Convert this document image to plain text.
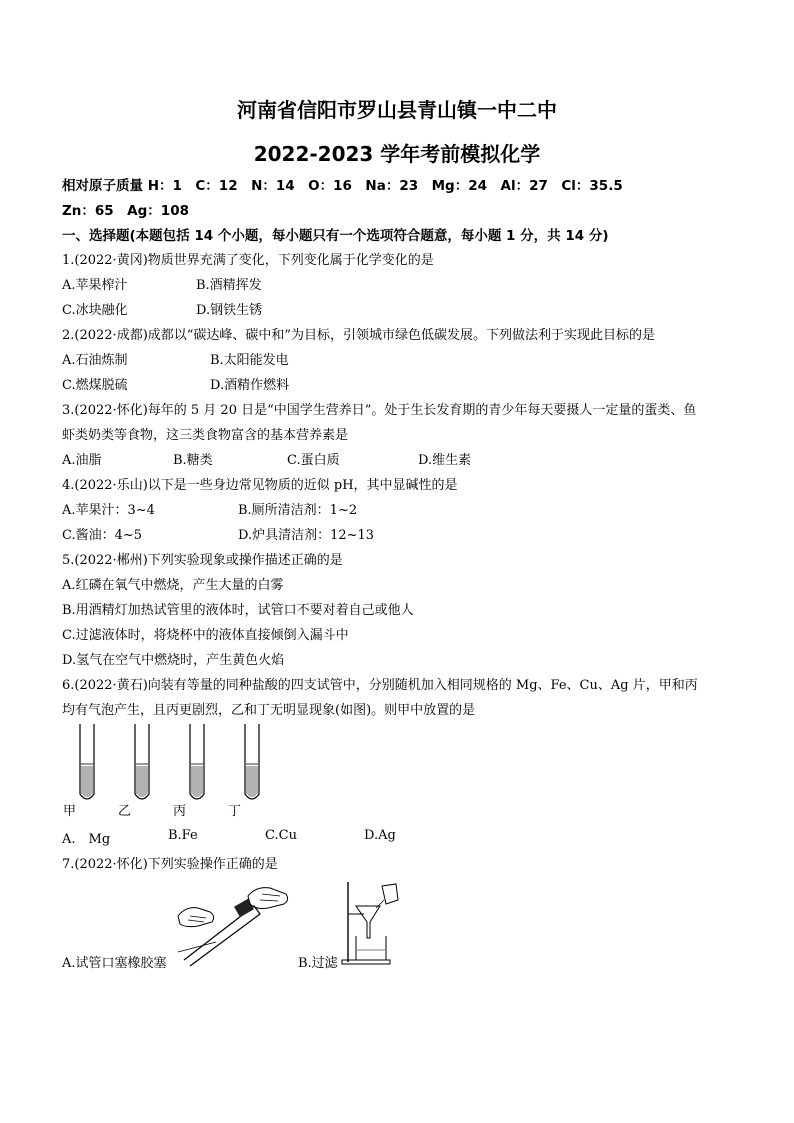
河南省信阳市罗山县青山镇一中二中
2022-2023 学年考前模拟化学
相对原子质量 H：1　C：12　N：14　O：16　Na：23　Mg：24　Al：27　Cl：35.5
Zn：65　Ag：108
一、选择题(本题包括 14 个小题，每小题只有一个选项符合题意，每小题 1 分，共 14 分)
1.(2022·黄冈)物质世界充满了变化，下列变化属于化学变化的是
A.苹果榨汁	B.酒精挥发
C.冰块融化	D.钢铁生锈
2.(2022·成都)成都以“碳达峰、碳中和”为目标，引领城市绿色低碳发展。下列做法利于实现此目标的是
A.石油炼制	B.太阳能发电
C.燃煤脱硫	D.酒精作燃料
3.(2022·怀化)每年的 5 月 20 日是“中国学生营养日”。处于生长发育期的青少年每天要摄人一定量的蛋类、鱼
虾类奶类等食物，这三类食物富含的基本营养素是
A.油脂	B.糖类	C.蛋白质	D.维生素
4.(2022·乐山)以下是一些身边常见物质的近似 pH，其中显碱性的是
A.苹果汁：3~4	B.厕所清洁剂：1~2
C.酱油：4~5	D.炉具清洁剂：12~13
5.(2022·郴州)下列实验现象或操作描述正确的是
A.红磷在氧气中燃烧，产生大量的白雾
B.用酒精灯加热试管里的液体时，试管口不要对着自己或他人
C.过滤液体时，将烧杯中的液体直接倾倒入漏斗中
D.氢气在空气中燃烧时，产生黄色火焰
6.(2022·黄石)向装有等量的同种盐酸的四支试管中，分别随机加入相同规格的 Mg、Fe、Cu、Ag 片，甲和丙
均有气泡产生，且丙更剧烈，乙和丁无明显现象(如图)。则甲中放置的是
甲	乙	丙	丁
A.　Mg	B.Fe	C.Cu	D.Ag
7.(2022·怀化)下列实验操作正确的是
A.试管口塞橡胶塞	B.过滤
